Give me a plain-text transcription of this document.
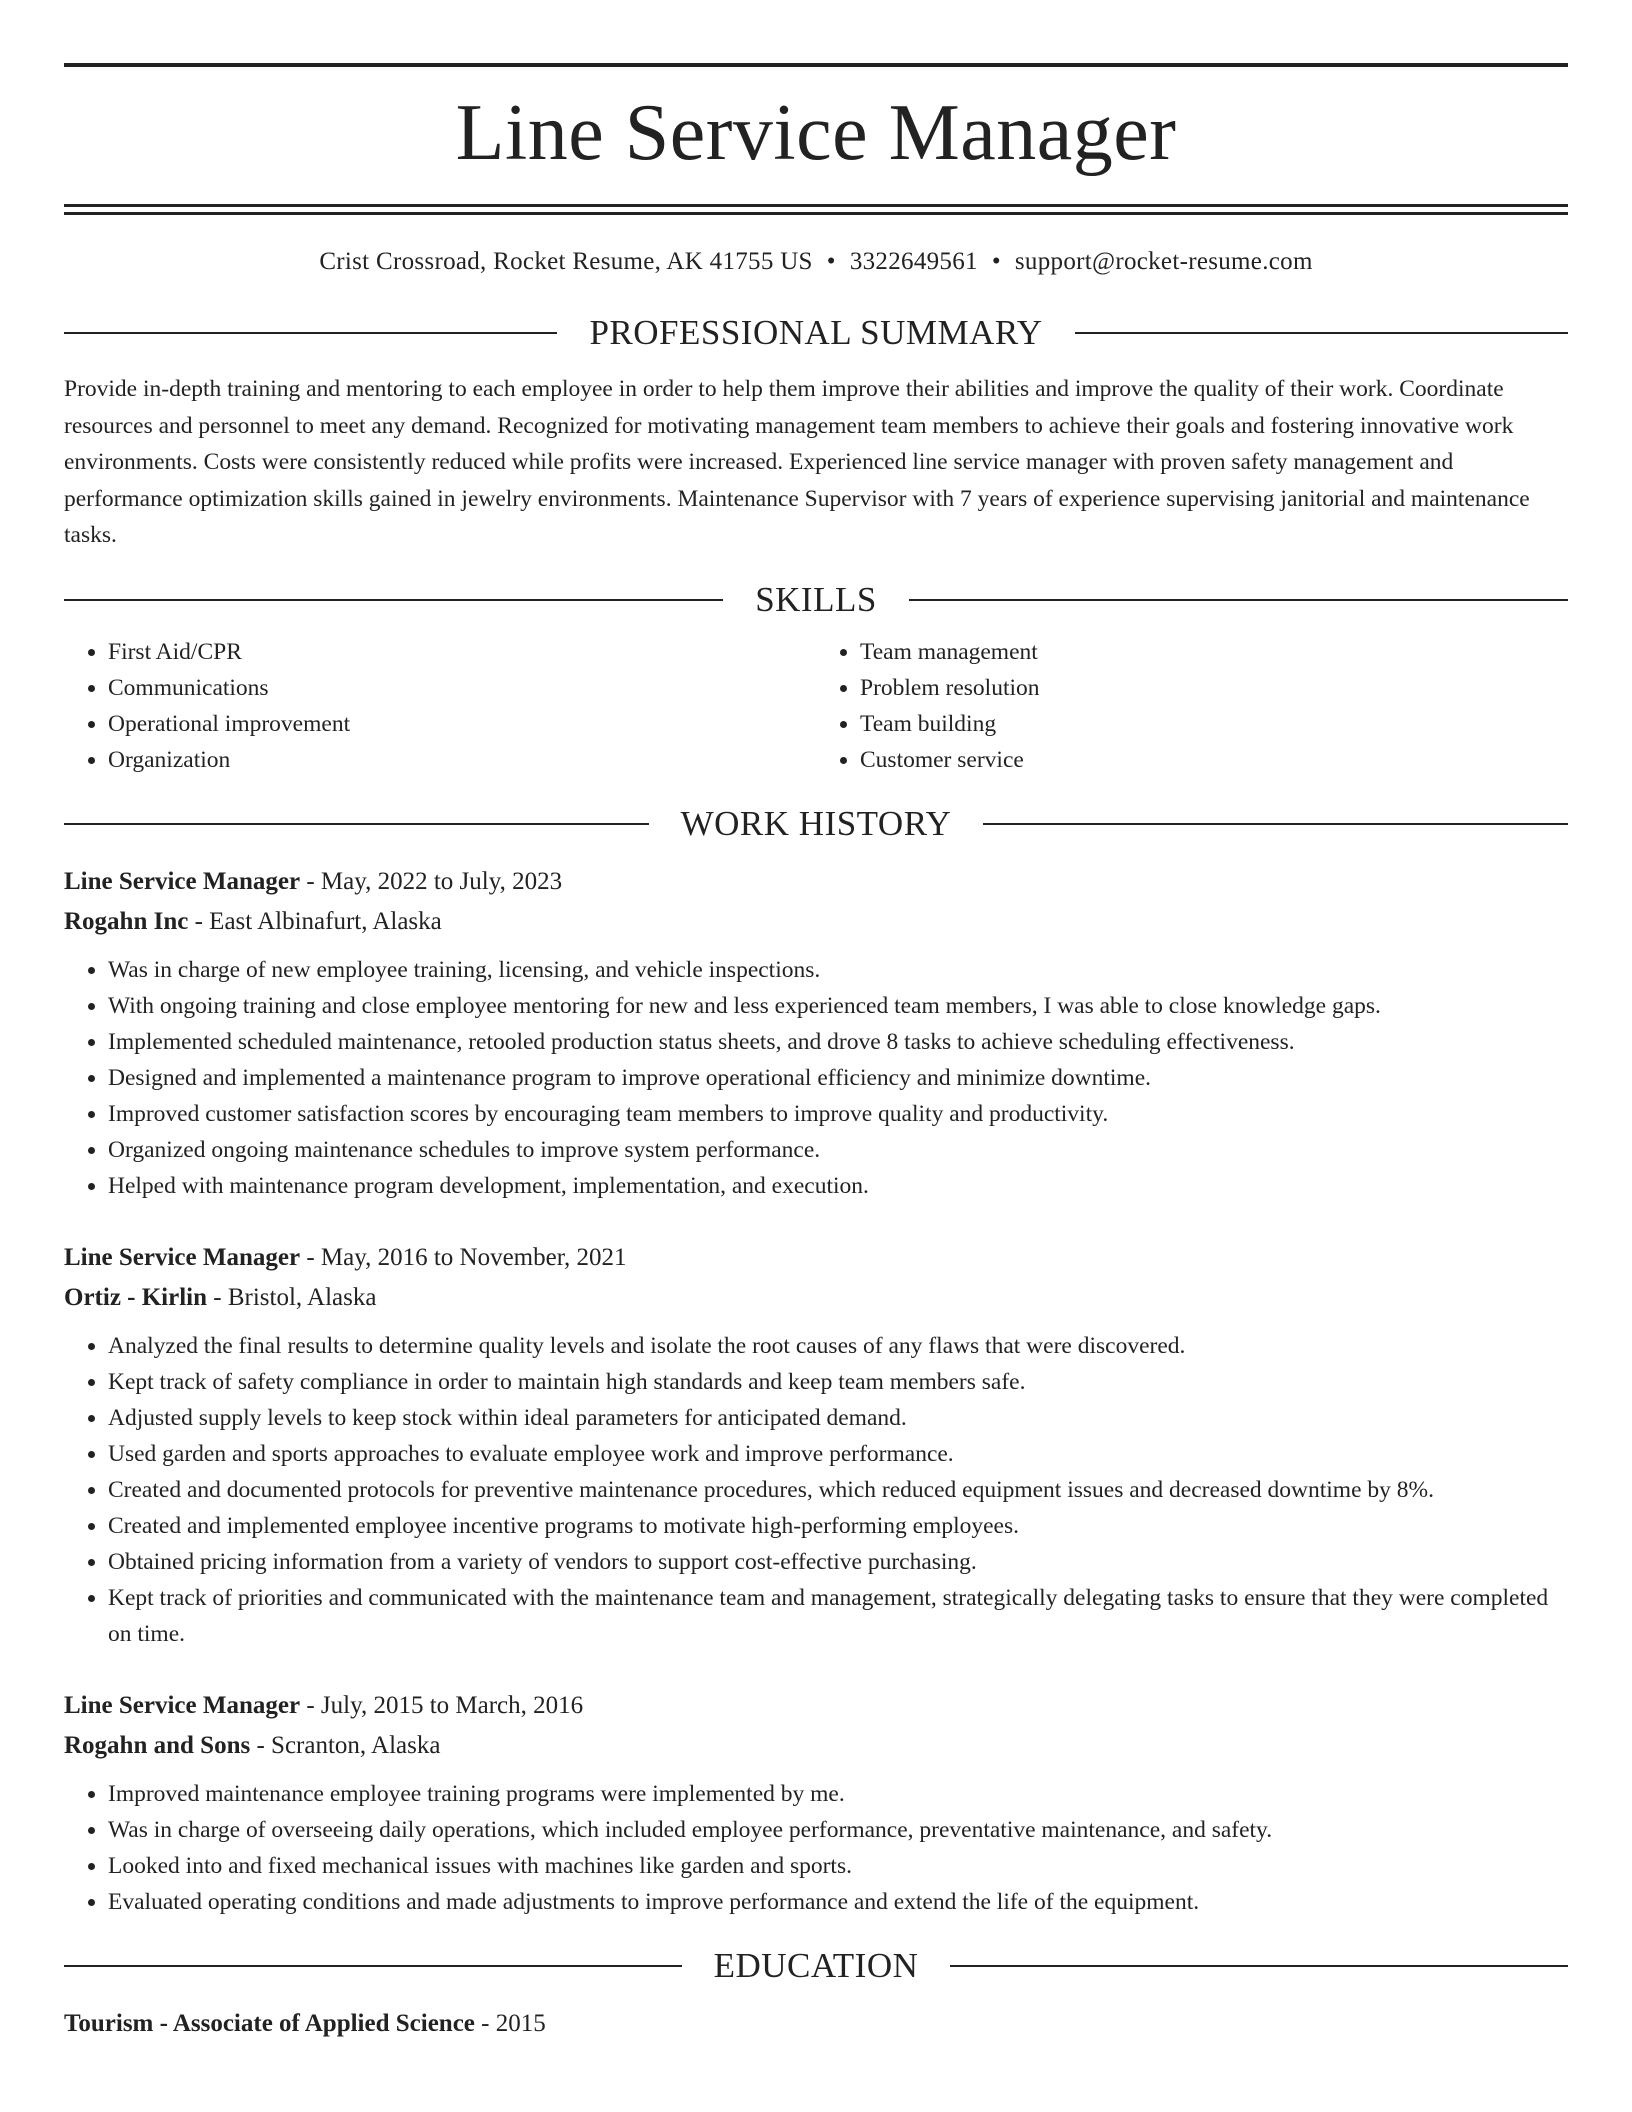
Line Service Manager
Crist Crossroad, Rocket Resume, AK 41755 US • 3322649561 • support@rocket-resume.com
PROFESSIONAL SUMMARY

Provide in-depth training and mentoring to each employee in order to help them improve their abilities and improve the quality of their work. Coordinate resources and personnel to meet any demand. Recognized for motivating management team members to achieve their goals and fostering innovative work environments. Costs were consistently reduced while profits were increased. Experienced line service manager with proven safety management and performance optimization skills gained in jewelry environments. Maintenance Supervisor with 7 years of experience supervising janitorial and maintenance tasks.

SKILLS
• First Aid/CPR
• Communications
• Operational improvement
• Organization
• Team management
• Problem resolution
• Team building
• Customer service
WORK HISTORY
Line Service Manager - May, 2022 to July, 2023
Rogahn Inc - East Albinafurt, Alaska
• Was in charge of new employee training, licensing, and vehicle inspections.
• With ongoing training and close employee mentoring for new and less experienced team members, I was able to close knowledge gaps.
• Implemented scheduled maintenance, retooled production status sheets, and drove 8 tasks to achieve scheduling effectiveness.
• Designed and implemented a maintenance program to improve operational efficiency and minimize downtime.
• Improved customer satisfaction scores by encouraging team members to improve quality and productivity.
• Organized ongoing maintenance schedules to improve system performance.
• Helped with maintenance program development, implementation, and execution.
Line Service Manager - May, 2016 to November, 2021
Ortiz - Kirlin - Bristol, Alaska
• Analyzed the final results to determine quality levels and isolate the root causes of any flaws that were discovered.
• Kept track of safety compliance in order to maintain high standards and keep team members safe.
• Adjusted supply levels to keep stock within ideal parameters for anticipated demand.
• Used garden and sports approaches to evaluate employee work and improve performance.
• Created and documented protocols for preventive maintenance procedures, which reduced equipment issues and decreased downtime by 8%.
• Created and implemented employee incentive programs to motivate high-performing employees.
• Obtained pricing information from a variety of vendors to support cost-effective purchasing.
• Kept track of priorities and communicated with the maintenance team and management, strategically delegating tasks to ensure that they were completed on time.
Line Service Manager - July, 2015 to March, 2016
Rogahn and Sons - Scranton, Alaska
• Improved maintenance employee training programs were implemented by me.
• Was in charge of overseeing daily operations, which included employee performance, preventative maintenance, and safety.
• Looked into and fixed mechanical issues with machines like garden and sports.
• Evaluated operating conditions and made adjustments to improve performance and extend the life of the equipment.
EDUCATION
Tourism - Associate of Applied Science - 2015
